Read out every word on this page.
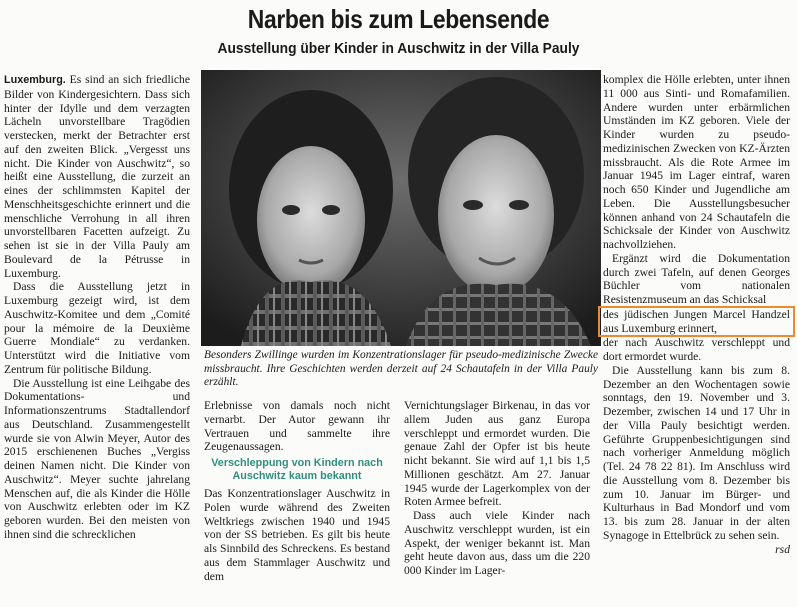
Narben bis zum Lebensende
Ausstellung über Kinder in Auschwitz in der Villa Pauly

Luxemburg. Es sind an sich friedliche Bilder von Kindergesichtern. Dass sich hinter der Idylle und dem verzagten Lächeln unvorstellbare Tragödien verstecken, merkt der Betrachter erst auf den zweiten Blick. „Vergesst uns nicht. Die Kinder von Auschwitz“, so heißt eine Ausstellung, die zurzeit an eines der schlimmsten Kapitel der Menschheitsgeschichte erinnert und die menschliche Verrohung in all ihren unvorstellbaren Facetten aufzeigt. Zu sehen ist sie in der Villa Pauly am Boulevard de la Pétrusse in Luxemburg.

Dass die Ausstellung jetzt in Luxemburg gezeigt wird, ist dem Auschwitz-Komitee und dem „Comité pour la mémoire de la Deuxième Guerre Mondiale“ zu verdanken. Unterstützt wird die Initiative vom Zentrum für politische Bildung.

Die Ausstellung ist eine Leihgabe des Dokumentations- und Informationszentrums Stadtallendorf aus Deutschland. Zusammengestellt wurde sie von Alwin Meyer, Autor des 2015 erschienenen Buches „Vergiss deinen Namen nicht. Die Kinder von Auschwitz“. Meyer suchte jahrelang Menschen auf, die als Kinder die Hölle von Auschwitz erlebten oder im KZ geboren wurden. Bei den meisten von ihnen sind die schrecklichen

Besonders Zwillinge wurden im Konzentrationslager für pseudo-medizinische Zwecke missbraucht. Ihre Geschichten werden derzeit auf 24 Schautafeln in der Villa Pauly erzählt.

Erlebnisse von damals noch nicht vernarbt. Der Autor gewann ihr Vertrauen und sammelte ihre Zeugenaussagen.

Verschleppung von Kindern nach Auschwitz kaum bekannt

Das Konzentrationslager Auschwitz in Polen wurde während des Zweiten Weltkriegs zwischen 1940 und 1945 von der SS betrieben. Es gilt bis heute als Sinnbild des Schreckens. Es bestand aus dem Stammlager Auschwitz und dem

Vernichtungslager Birkenau, in das vor allem Juden aus ganz Europa verschleppt und ermordet wurden. Die genaue Zahl der Opfer ist bis heute nicht bekannt. Sie wird auf 1,1 bis 1,5 Millionen geschätzt. Am 27. Januar 1945 wurde der Lagerkomplex von der Roten Armee befreit.

Dass auch viele Kinder nach Auschwitz verschleppt wurden, ist ein Aspekt, der weniger bekannt ist. Man geht heute davon aus, dass um die 220 000 Kinder im Lager-

komplex die Hölle erlebten, unter ihnen 11 000 aus Sinti- und Romafamilien. Andere wurden unter erbärmlichen Umständen im KZ geboren. Viele der Kinder wurden zu pseudo-medizinischen Zwecken von KZ-Ärzten missbraucht. Als die Rote Armee im Januar 1945 im Lager eintraf, waren noch 650 Kinder und Jugendliche am Leben. Die Ausstellungsbesucher können anhand von 24 Schautafeln die Schicksale der Kinder von Auschwitz nachvollziehen.

Ergänzt wird die Dokumentation durch zwei Tafeln, auf denen Georges Büchler vom nationalen Resistenzmuseum an das Schicksal
des jüdischen Jungen Marcel Handzel aus Luxemburg erinnert,
der nach Auschwitz verschleppt und dort ermordet wurde.

Die Ausstellung kann bis zum 8. Dezember an den Wochentagen sowie sonntags, den 19. November und 3. Dezember, zwischen 14 und 17 Uhr in der Villa Pauly besichtigt werden. Geführte Gruppenbesichtigungen sind nach vorheriger Anmeldung möglich (Tel. 24 78 22 81). Im Anschluss wird die Ausstellung vom 8. Dezember bis zum 10. Januar im Bürger- und Kulturhaus in Bad Mondorf und vom 13. bis zum 28. Januar in der alten Synagoge in Ettelbrück zu sehen sein.

rsd
